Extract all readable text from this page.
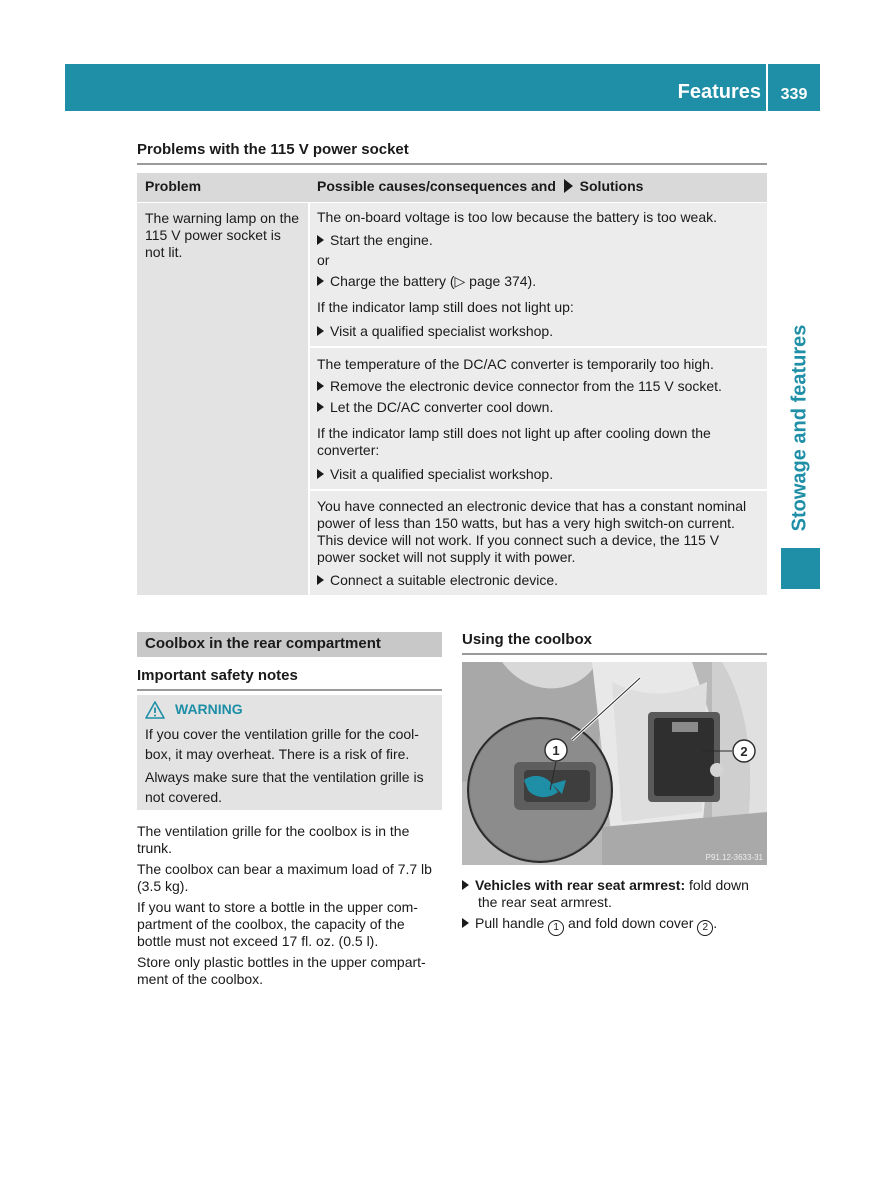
Features	339
Stowage and features
Problems with the 115 V power socket
Problem	Possible causes/consequences and Solutions
The warning lamp on the
115 V power socket is
not lit.
The on-board voltage is too low because the battery is too weak.
Start the engine.
or
Charge the battery (▷ page 374).
If the indicator lamp still does not light up:
Visit a qualified specialist workshop.
The temperature of the DC/AC converter is temporarily too high.
Remove the electronic device connector from the 115 V socket.
Let the DC/AC converter cool down.
If the indicator lamp still does not light up after cooling down the
converter:
Visit a qualified specialist workshop.
You have connected an electronic device that has a constant nominal
power of less than 150 watts, but has a very high switch-on current.
This device will not work. If you connect such a device, the 115 V
power socket will not supply it with power.
Connect a suitable electronic device.
Coolbox in the rear compartment
Important safety notes
WARNING
If you cover the ventilation grille for the cool-
box, it may overheat. There is a risk of fire.
Always make sure that the ventilation grille is
not covered.
The ventilation grille for the coolbox is in the
trunk.
The coolbox can bear a maximum load of 7.7 lb
(3.5 kg).
If you want to store a bottle in the upper com-
partment of the coolbox, the capacity of the
bottle must not exceed 17 fl. oz. (0.5 l).
Store only plastic bottles in the upper compart-
ment of the coolbox.
Using the coolbox
1	2
P91.12-3633-31
Vehicles with rear seat armrest: fold down
the rear seat armrest.
Pull handle 1 and fold down cover 2 .
